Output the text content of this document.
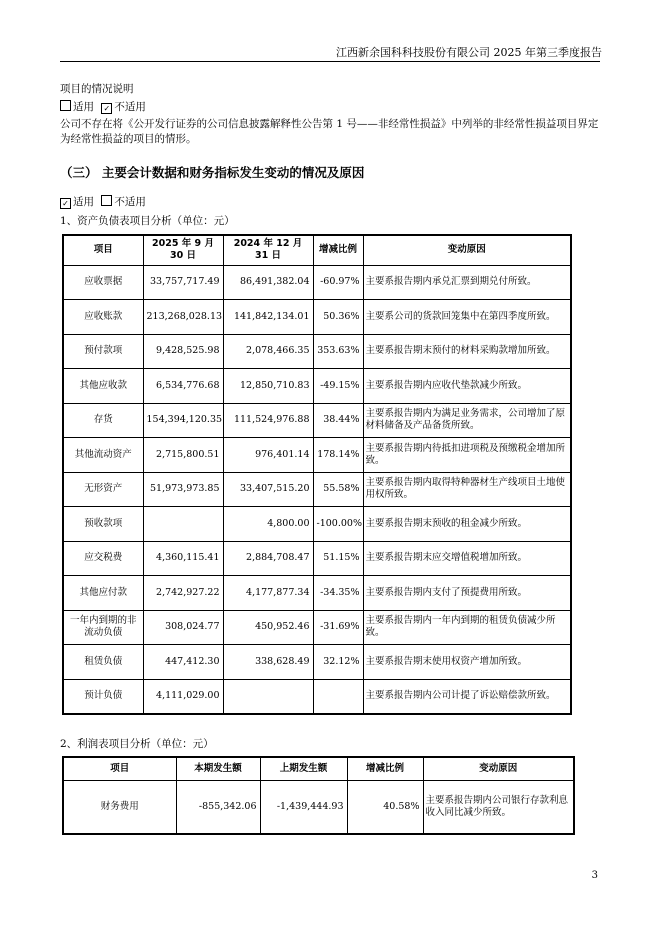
江西新余国科科技股份有限公司 2025 年第三季度报告
项目的情况说明
适用 ✓ 不适用
公司不存在将《公开发行证券的公司信息披露解释性公告第 1 号——非经常性损益》中列举的非经常性损益项目界定为经常性损益的项目的情形。
（三） 主要会计数据和财务指标发生变动的情况及原因
✓ 适用 不适用
1、资产负债表项目分析（单位：元）
项目	2025 年 9 月 30 日	2024 年 12 月 31 日	增减比例	变动原因
应收票据	33,757,717.49	86,491,382.04	-60.97%	主要系报告期内承兑汇票到期兑付所致。
应收账款	213,268,028.13	141,842,134.01	50.36%	主要系公司的货款回笼集中在第四季度所致。
预付款项	9,428,525.98	2,078,466.35	353.63%	主要系报告期末预付的材料采购款增加所致。
其他应收款	6,534,776.68	12,850,710.83	-49.15%	主要系报告期内应收代垫款减少所致。
存货	154,394,120.35	111,524,976.88	38.44%	主要系报告期内为满足业务需求，公司增加了原材料储备及产品备货所致。
其他流动资产	2,715,800.51	976,401.14	178.14%	主要系报告期内待抵扣进项税及预缴税金增加所致。
无形资产	51,973,973.85	33,407,515.20	55.58%	主要系报告期内取得特种器材生产线项目土地使用权所致。
预收款项		4,800.00	-100.00%	主要系报告期末预收的租金减少所致。
应交税费	4,360,115.41	2,884,708.47	51.15%	主要系报告期末应交增值税增加所致。
其他应付款	2,742,927.22	4,177,877.34	-34.35%	主要系报告期内支付了预提费用所致。
一年内到期的非流动负债	308,024.77	450,952.46	-31.69%	主要系报告期内一年内到期的租赁负债减少所致。
租赁负债	447,412.30	338,628.49	32.12%	主要系报告期末使用权资产增加所致。
预计负债	4,111,029.00			主要系报告期内公司计提了诉讼赔偿款所致。
2、利润表项目分析（单位：元）
项目	本期发生额	上期发生额	增减比例	变动原因
财务费用	-855,342.06	-1,439,444.93	40.58%	主要系报告期内公司银行存款利息收入同比减少所致。
3
